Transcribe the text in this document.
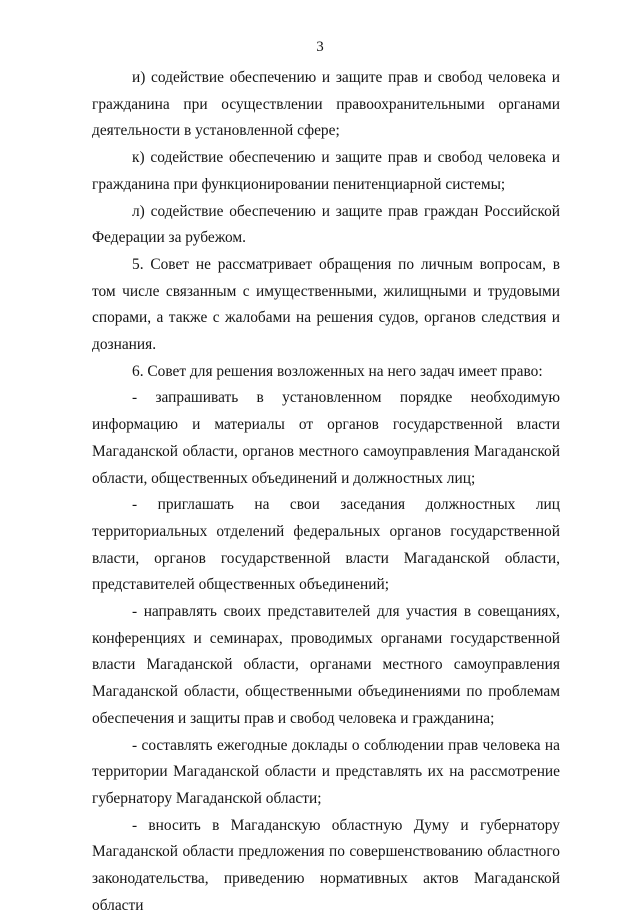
3

и) содействие обеспечению и защите прав и свобод человека и гражданина при осуществлении правоохранительными органами деятельности в установленной сфере;

к) содействие обеспечению и защите прав и свобод человека и гражданина при функционировании пенитенциарной системы;

л) содействие обеспечению и защите прав граждан Российской Федерации за рубежом.

5. Совет не рассматривает обращения по личным вопросам, в том числе связанным с имущественными, жилищными и трудовыми спорами, а также с жалобами на решения судов, органов следствия и дознания.

6. Совет для решения возложенных на него задач имеет право:

- запрашивать в установленном порядке необходимую информацию и материалы от органов государственной власти Магаданской области, органов местного самоуправления Магаданской области, общественных объединений и должностных лиц;

- приглашать на свои заседания должностных лиц территориальных отделений федеральных органов государственной власти, органов государственной власти Магаданской области, представителей общественных объединений;

- направлять своих представителей для участия в совещаниях, конференциях и семинарах, проводимых органами государственной власти Магаданской области, органами местного самоуправления Магаданской области, общественными объединениями по проблемам обеспечения и защиты прав и свобод человека и гражданина;

- составлять ежегодные доклады о соблюдении прав человека на территории Магаданской области и представлять их на рассмотрение губернатору Магаданской области;

- вносить в Магаданскую областную Думу и губернатору Магаданской области предложения по совершенствованию областного законодательства, приведению нормативных актов Магаданской области
